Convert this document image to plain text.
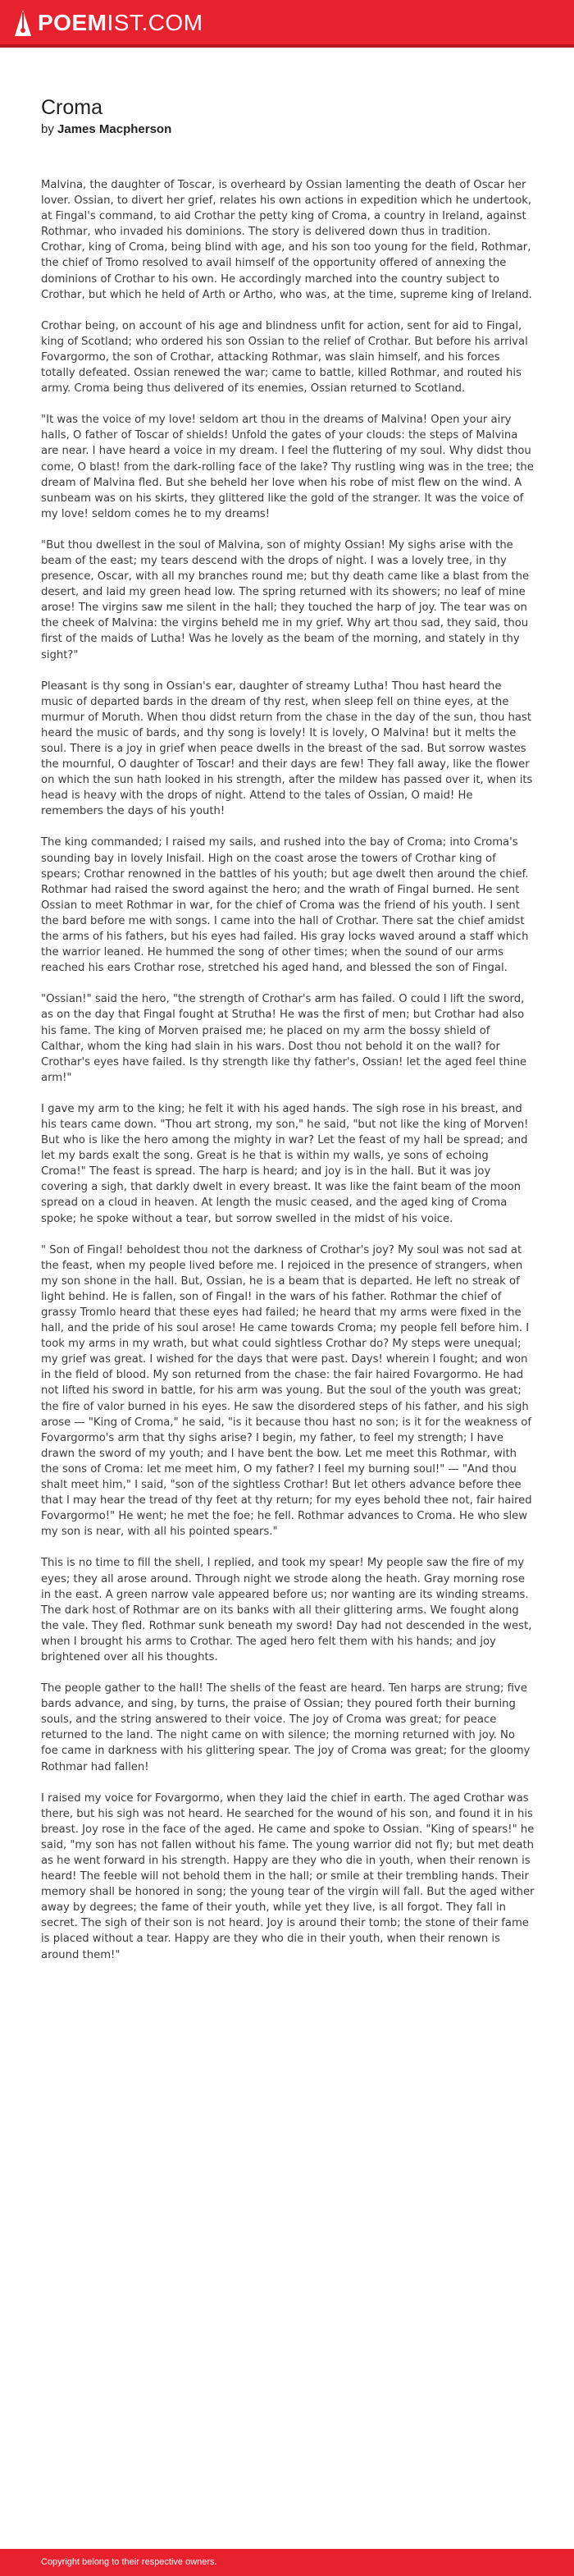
POEMIST.COM
Croma
by James Macpherson

Malvina, the daughter of Toscar, is overheard by Ossian lamenting the death of Oscar her lover. Ossian, to divert her grief, relates his own actions in expedition which he undertook, at Fingal's command, to aid Crothar the petty king of Croma, a country in Ireland, against Rothmar, who invaded his dominions. The story is delivered down thus in tradition. Crothar, king of Croma, being blind with age, and his son too young for the field, Rothmar, the chief of Tromo resolved to avail himself of the opportunity offered of annexing the dominions of Crothar to his own. He accordingly marched into the country subject to Crothar, but which he held of Arth or Artho, who was, at the time, supreme king of Ireland.

Crothar being, on account of his age and blindness unfit for action, sent for aid to Fingal, king of Scotland; who ordered his son Ossian to the relief of Crothar. But before his arrival Fovargormo, the son of Crothar, attacking Rothmar, was slain himself, and his forces totally defeated. Ossian renewed the war; came to battle, killed Rothmar, and routed his army. Croma being thus delivered of its enemies, Ossian returned to Scotland.

"It was the voice of my love! seldom art thou in the dreams of Malvina! Open your airy halls, O father of Toscar of shields! Unfold the gates of your clouds: the steps of Malvina are near. I have heard a voice in my dream. I feel the fluttering of my soul. Why didst thou come, O blast! from the dark-rolling face of the lake? Thy rustling wing was in the tree; the dream of Malvina fled. But she beheld her love when his robe of mist flew on the wind. A sunbeam was on his skirts, they glittered like the gold of the stranger. It was the voice of my love! seldom comes he to my dreams!

"But thou dwellest in the soul of Malvina, son of mighty Ossian! My sighs arise with the beam of the east; my tears descend with the drops of night. I was a lovely tree, in thy presence, Oscar, with all my branches round me; but thy death came like a blast from the desert, and laid my green head low. The spring returned with its showers; no leaf of mine arose! The virgins saw me silent in the hall; they touched the harp of joy. The tear was on the cheek of Malvina: the virgins beheld me in my grief. Why art thou sad, they said, thou first of the maids of Lutha! Was he lovely as the beam of the morning, and stately in thy sight?"

Pleasant is thy song in Ossian's ear, daughter of streamy Lutha! Thou hast heard the music of departed bards in the dream of thy rest, when sleep fell on thine eyes, at the murmur of Moruth. When thou didst return from the chase in the day of the sun, thou hast heard the music of bards, and thy song is lovely! It is lovely, O Malvina! but it melts the soul. There is a joy in grief when peace dwells in the breast of the sad. But sorrow wastes the mournful, O daughter of Toscar! and their days are few! They fall away, like the flower on which the sun hath looked in his strength, after the mildew has passed over it, when its head is heavy with the drops of night. Attend to the tales of Ossian, O maid! He remembers the days of his youth!

The king commanded; I raised my sails, and rushed into the bay of Croma; into Croma's sounding bay in lovely Inisfail. High on the coast arose the towers of Crothar king of spears; Crothar renowned in the battles of his youth; but age dwelt then around the chief. Rothmar had raised the sword against the hero; and the wrath of Fingal burned. He sent Ossian to meet Rothmar in war, for the chief of Croma was the friend of his youth. I sent the bard before me with songs. I came into the hall of Crothar. There sat the chief amidst the arms of his fathers, but his eyes had failed. His gray locks waved around a staff which the warrior leaned. He hummed the song of other times; when the sound of our arms reached his ears Crothar rose, stretched his aged hand, and blessed the son of Fingal.

"Ossian!" said the hero, "the strength of Crothar's arm has failed. O could I lift the sword, as on the day that Fingal fought at Strutha! He was the first of men; but Crothar had also his fame. The king of Morven praised me; he placed on my arm the bossy shield of Calthar, whom the king had slain in his wars. Dost thou not behold it on the wall? for Crothar's eyes have failed. Is thy strength like thy father's, Ossian! let the aged feel thine arm!"

I gave my arm to the king; he felt it with his aged hands. The sigh rose in his breast, and his tears came down. "Thou art strong, my son," he said, "but not like the king of Morven! But who is like the hero among the mighty in war? Let the feast of my hall be spread; and let my bards exalt the song. Great is he that is within my walls, ye sons of echoing Croma!" The feast is spread. The harp is heard; and joy is in the hall. But it was joy covering a sigh, that darkly dwelt in every breast. It was like the faint beam of the moon spread on a cloud in heaven. At length the music ceased, and the aged king of Croma spoke; he spoke without a tear, but sorrow swelled in the midst of his voice.

" Son of Fingal! beholdest thou not the darkness of Crothar's joy? My soul was not sad at the feast, when my people lived before me. I rejoiced in the presence of strangers, when my son shone in the hall. But, Ossian, he is a beam that is departed. He left no streak of light behind. He is fallen, son of Fingal! in the wars of his father. Rothmar the chief of grassy Tromlo heard that these eyes had failed; he heard that my arms were fixed in the hall, and the pride of his soul arose! He came towards Croma; my people fell before him. I took my arms in my wrath, but what could sightless Crothar do? My steps were unequal; my grief was great. I wished for the days that were past. Days! wherein I fought; and won in the field of blood. My son returned from the chase: the fair haired Fovargormo. He had not lifted his sword in battle, for his arm was young. But the soul of the youth was great; the fire of valor burned in his eyes. He saw the disordered steps of his father, and his sigh arose — "King of Croma," he said, "is it because thou hast no son; is it for the weakness of Fovargormo's arm that thy sighs arise? I begin, my father, to feel my strength; I have drawn the sword of my youth; and I have bent the bow. Let me meet this Rothmar, with the sons of Croma: let me meet him, O my father? I feel my burning soul!" — "And thou shalt meet him," I said, "son of the sightless Crothar! But let others advance before thee that I may hear the tread of thy feet at thy return; for my eyes behold thee not, fair haired Fovargormo!" He went; he met the foe; he fell. Rothmar advances to Croma. He who slew my son is near, with all his pointed spears."

This is no time to fill the shell, I replied, and took my spear! My people saw the fire of my eyes; they all arose around. Through night we strode along the heath. Gray morning rose in the east. A green narrow vale appeared before us; nor wanting are its winding streams. The dark host of Rothmar are on its banks with all their glittering arms. We fought along the vale. They fled. Rothmar sunk beneath my sword! Day had not descended in the west, when I brought his arms to Crothar. The aged hero felt them with his hands; and joy brightened over all his thoughts.

The people gather to the hall! The shells of the feast are heard. Ten harps are strung; five bards advance, and sing, by turns, the praise of Ossian; they poured forth their burning souls, and the string answered to their voice. The joy of Croma was great; for peace returned to the land. The night came on with silence; the morning returned with joy. No foe came in darkness with his glittering spear. The joy of Croma was great; for the gloomy Rothmar had fallen!

I raised my voice for Fovargormo, when they laid the chief in earth. The aged Crothar was there, but his sigh was not heard. He searched for the wound of his son, and found it in his breast. Joy rose in the face of the aged. He came and spoke to Ossian. "King of spears!" he said, "my son has not fallen without his fame. The young warrior did not fly; but met death as he went forward in his strength. Happy are they who die in youth, when their renown is heard! The feeble will not behold them in the hall; or smile at their trembling hands. Their memory shall be honored in song; the young tear of the virgin will fall. But the aged wither away by degrees; the fame of their youth, while yet they live, is all forgot. They fall in secret. The sigh of their son is not heard. Joy is around their tomb; the stone of their fame is placed without a tear. Happy are they who die in their youth, when their renown is around them!"

Copyright belong to their respective owners.
